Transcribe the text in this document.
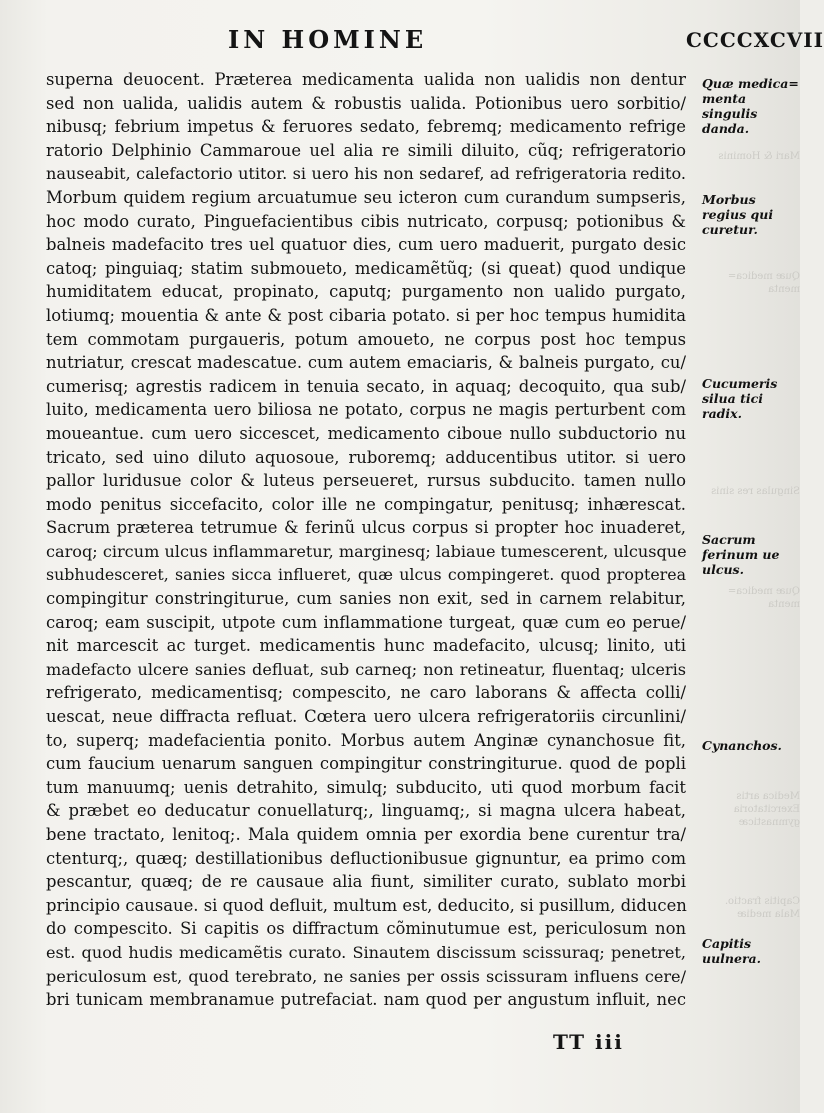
IN HOMINE	CCCCXCVII
superna deuocent. Præterea medicamenta ualida non ualidis non dentur
sed non ualida, ualidis autem & robustis ualida. Potionibus uero sorbitio/
nibusq; febrium impetus & feruores sedato, febremq; medicamento refrige
ratorio Delphinio Cammaroue uel alia re simili diluito, cũq; refrigeratorio
nauseabit, calefactorio utitor. si uero his non sedaref, ad refrigeratoria redito.
Morbum quidem regium arcuatumue seu icteron cum curandum sumpseris,
hoc modo curato, Pinguefacientibus cibis nutricato, corpusq; potionibus &
balneis madefacito tres uel quatuor dies, cum uero maduerit, purgato desic
catoq; pinguiaq; statim submoueto, medicamẽtũq; (si queat) quod undique
humiditatem educat, propinato, caputq; purgamento non ualido purgato,
lotiumq; mouentia & ante & post cibaria potato. si per hoc tempus humidita
tem commotam purgaueris, potum amoueto, ne corpus post hoc tempus
nutriatur, crescat madescatue. cum autem emaciaris, & balneis purgato, cu/
cumerisq; agrestis radicem in tenuia secato, in aquaq; decoquito, qua sub/
luito, medicamenta uero biliosa ne potato, corpus ne magis perturbent com
moueantue. cum uero siccescet, medicamento ciboue nullo subductorio nu
tricato, sed uino diluto aquosoue, ruboremq; adducentibus utitor. si uero
pallor luridusue color & luteus perseueret, rursus subducito. tamen nullo
modo penitus siccefacito, color ille ne compingatur, penitusq; inhærescat.
Sacrum præterea tetrumue & ferinũ ulcus corpus si propter hoc inuaderet,
caroq; circum ulcus inflammaretur, marginesq; labiaue tumescerent, ulcusque
subhudesceret, sanies sicca influeret, quæ ulcus compingeret. quod propterea
compingitur constringiturue, cum sanies non exit, sed in carnem relabitur,
caroq; eam suscipit, utpote cum inflammatione turgeat, quæ cum eo perue/
nit marcescit ac turget. medicamentis hunc madefacito, ulcusq; linito, uti
madefacto ulcere sanies defluat, sub carneq; non retineatur, fluentaq; ulceris
refrigerato, medicamentisq; compescito, ne caro laborans & affecta colli/
uescat, neue diffracta refluat. Cœtera uero ulcera refrigeratoriis circunlini/
to, superq; madefacientia ponito. Morbus autem Anginæ cynanchosue fit,
cum faucium uenarum sanguen compingitur constringiturue. quod de popli
tum manuumq; uenis detrahito, simulq; subducito, uti quod morbum facit
& præbet eo deducatur conuellaturq;, linguamq;, si magna ulcera habeat,
bene tractato, lenitoq;. Mala quidem omnia per exordia bene curentur tra/
ctenturq;, quæq; destillationibus defluctionibusue gignuntur, ea primo com
pescantur, quæq; de re causaue alia fiunt, similiter curato, sublato morbi
principio causaue. si quod defluit, multum est, deducito, si pusillum, diducen
do compescito. Si capitis os diffractum cõminutumue est, periculosum non
est. quod hudis medicamẽtis curato. Sinautem discissum scissuraq; penetret,
periculosum est, quod terebrato, ne sanies per ossis scissuram influens cere/
bri tunicam membranamue putrefaciat. nam quod per angustum influit, nec
Mari & Hominis
Quæ medica= menta
Singulas res sinis
Quæ medica= menta
Medica artis Exercitatoria gymnasticæ
Capitis fractio. Mala mediæ
Quæ medica= menta singulis danda.
Morbus regius qui curetur.
Cucumeris silua tici radix.
Sacrum ferinum ue ulcus.
Cynanchos.
Capitis uulnera.
TT iii
